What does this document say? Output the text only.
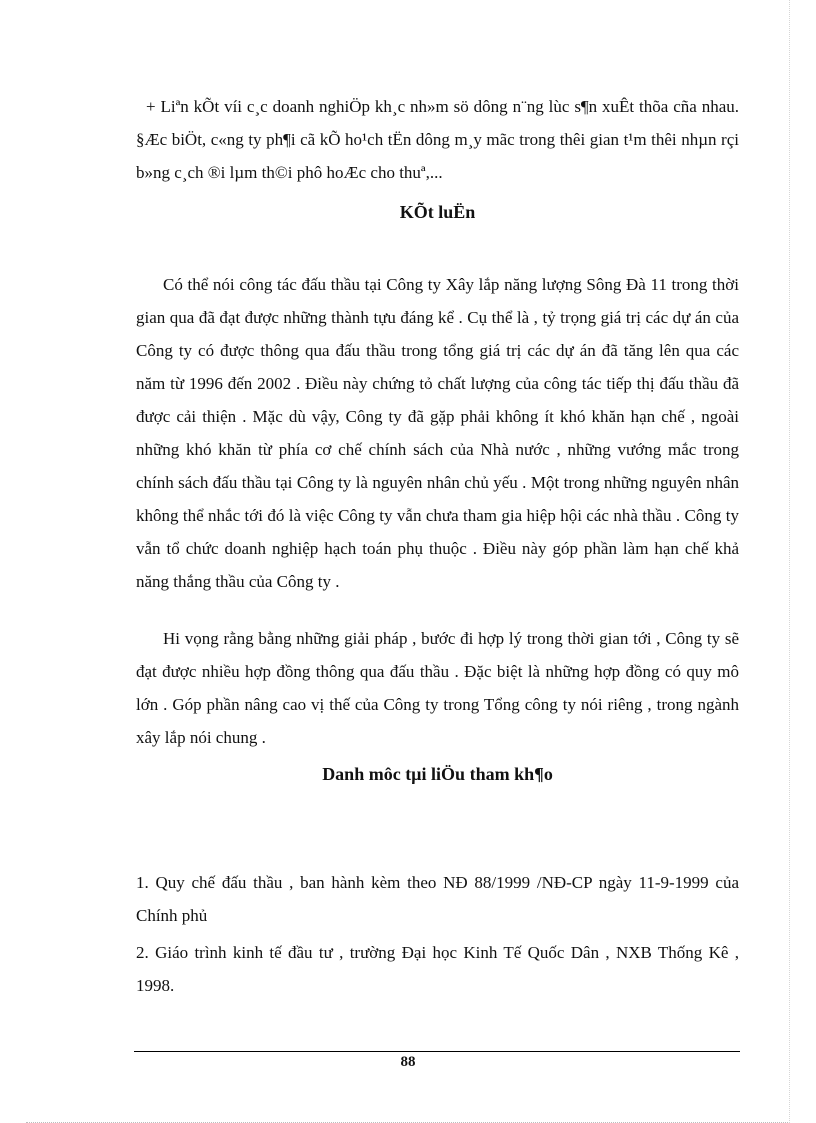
+ Liªn kÕt víi c¸c doanh nghiÖp kh¸c nh»m sö dông n¨ng lùc s¶n xuÊt thõa cña nhau. §Æc biÖt, c«ng ty ph¶i cã kÕ ho¹ch tËn dông m¸y mãc trong thêi gian t¹m thêi nhµn rçi b»ng c¸ch ®i lµm th©i phô hoÆc cho thuª,...

KÕt luËn

Có thể nói công tác đấu thầu tại Công ty Xây lắp năng lượng Sông Đà 11 trong thời gian qua đã đạt được những thành tựu đáng kể . Cụ thể là , tỷ trọng giá trị các dự án của Công ty có được thông qua đấu thầu trong tổng giá trị các dự án đã tăng lên qua các năm từ 1996 đến 2002 . Điều này chứng tỏ chất lượng của công tác tiếp thị đấu thầu đã được cải thiện . Mặc dù vậy, Công ty đã gặp phải không ít khó khăn hạn chế , ngoài những khó khăn từ phía cơ chế chính sách của Nhà nước , những vướng mắc trong chính sách đấu thầu tại Công ty là nguyên nhân chủ yếu . Một trong những nguyên nhân không thể nhắc tới đó là việc Công ty vẫn chưa tham gia hiệp hội các nhà thầu . Công ty vẫn tổ chức doanh nghiệp hạch toán phụ thuộc . Điều này góp phần làm hạn chế khả năng thắng thầu của Công ty .

Hi vọng rằng bằng những giải pháp , bước đi hợp lý trong thời gian tới , Công ty sẽ đạt được nhiều hợp đồng thông qua đấu thầu . Đặc biệt là những hợp đồng có quy mô lớn . Góp phần nâng cao vị thế của Công ty trong Tổng công ty nói riêng , trong ngành xây lắp nói chung .

Danh môc tµi liÖu tham kh¶o

1. Quy chế đấu thầu , ban hành kèm theo NĐ 88/1999 /NĐ-CP ngày 11-9-1999 của Chính phủ

2. Giáo trình kinh tế đầu tư , trường Đại học Kinh Tế Quốc Dân , NXB Thống Kê , 1998.

88
